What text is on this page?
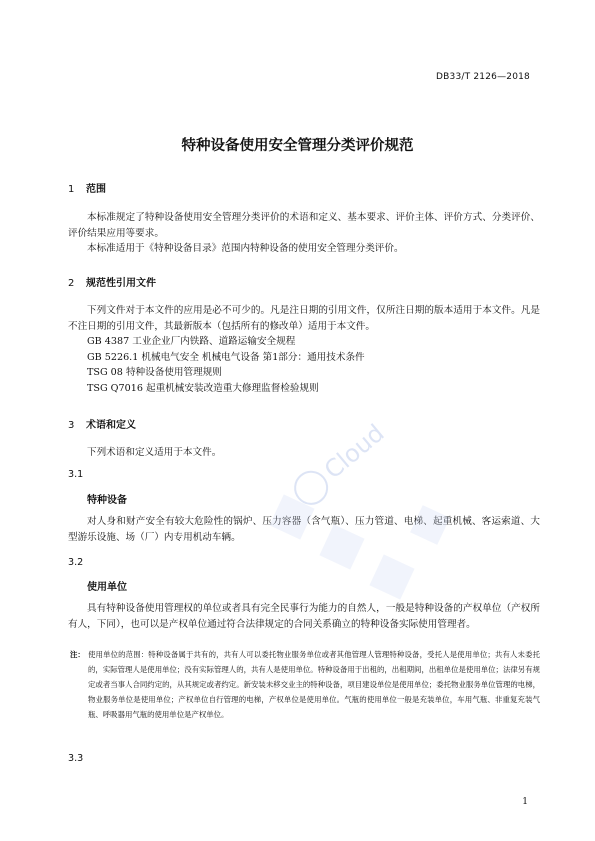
DB33/T 2126—2018
特种设备使用安全管理分类评价规范
1 范围

本标准规定了特种设备使用安全管理分类评价的术语和定义、基本要求、评价主体、评价方式、分类评价、评价结果应用等要求。

本标准适用于《特种设备目录》范围内特种设备的使用安全管理分类评价。

2 规范性引用文件

下列文件对于本文件的应用是必不可少的。凡是注日期的引用文件，仅所注日期的版本适用于本文件。凡是不注日期的引用文件，其最新版本（包括所有的修改单）适用于本文件。

GB 4387 工业企业厂内铁路、道路运输安全规程

GB 5226.1 机械电气安全 机械电气设备 第1部分：通用技术条件

TSG 08 特种设备使用管理规则

TSG Q7016 起重机械安装改造重大修理监督检验规则

3 术语和定义

下列术语和定义适用于本文件。

3.1

特种设备

对人身和财产安全有较大危险性的锅炉、压力容器（含气瓶）、压力管道、电梯、起重机械、客运索道、大型游乐设施、场（厂）内专用机动车辆。

3.2

使用单位

具有特种设备使用管理权的单位或者具有完全民事行为能力的自然人，一般是特种设备的产权单位（产权所有人，下同），也可以是产权单位通过符合法律规定的合同关系确立的特种设备实际使用管理者。

注： 使用单位的范围：特种设备属于共有的，共有人可以委托物业服务单位或者其他管理人管理特种设备，受托人是使用单位；共有人未委托的，实际管理人是使用单位；没有实际管理人的，共有人是使用单位。特种设备用于出租的，出租期间，出租单位是使用单位；法律另有规定或者当事人合同约定的，从其规定或者约定。新安装未移交业主的特种设备，项目建设单位是使用单位；委托物业服务单位管理的电梯，物业服务单位是使用单位；产权单位自行管理的电梯，产权单位是使用单位。气瓶的使用单位一般是充装单位，车用气瓶、非重复充装气瓶、呼吸器用气瓶的使用单位是产权单位。

3.3

Cloud
1
